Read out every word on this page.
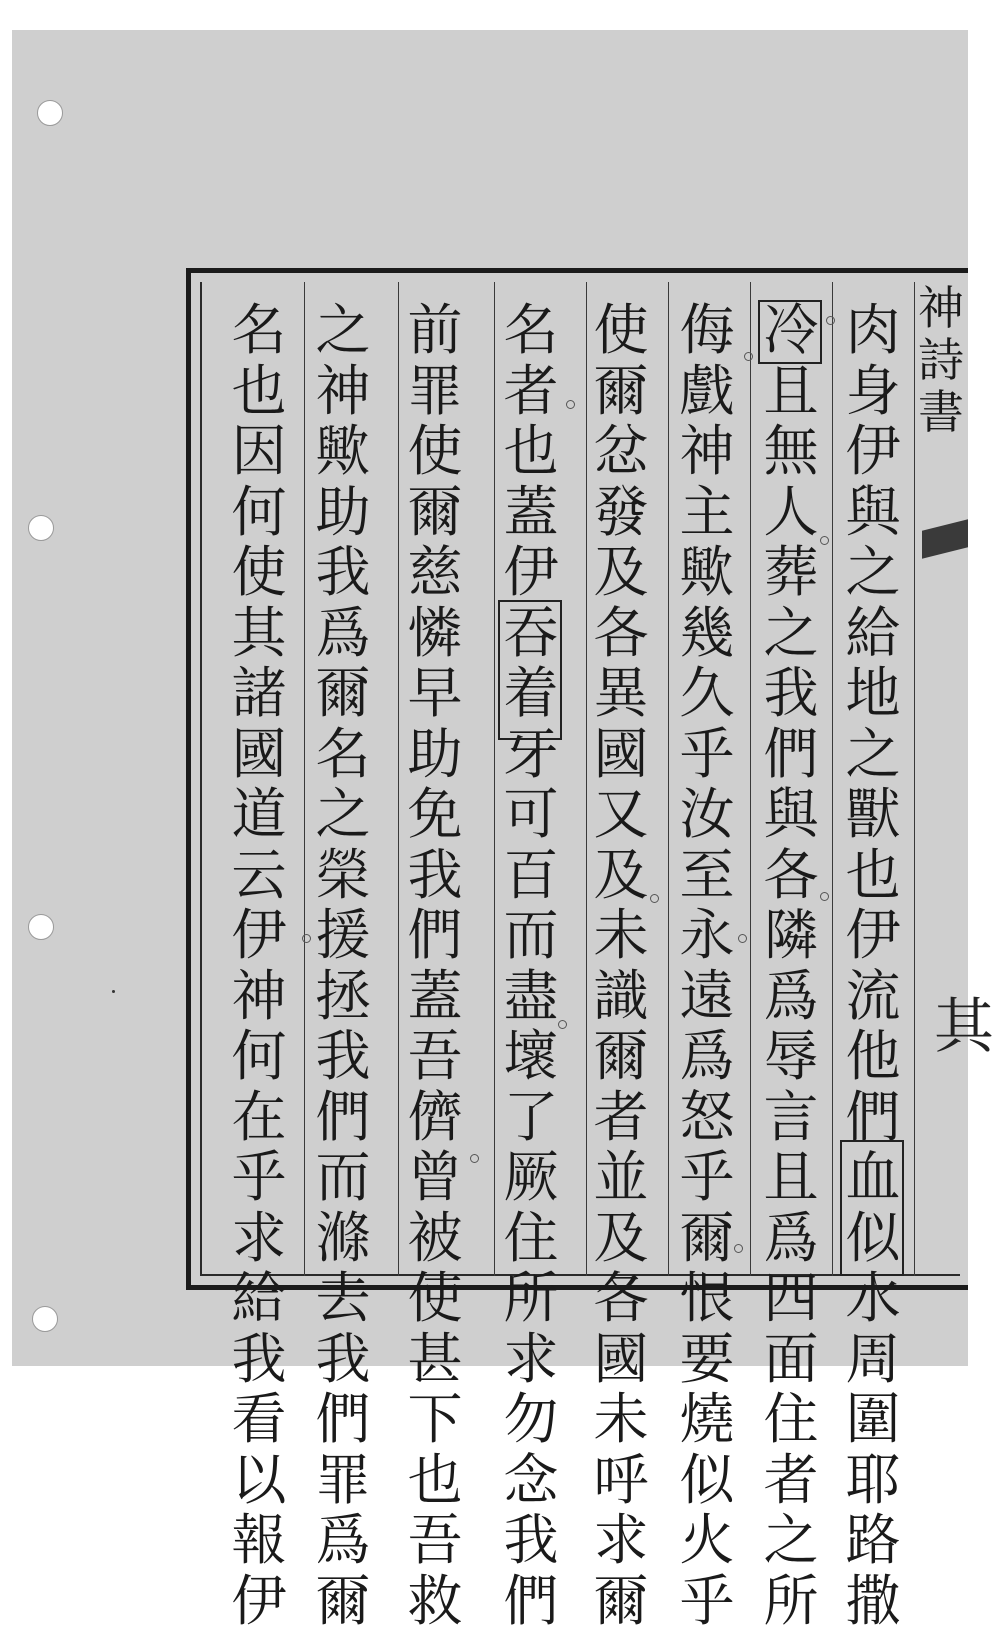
神詩書
其
肉身伊與之給地之獸也伊流他們血似水周圍耶路撒
冷且無人葬之我們與各隣爲辱言且爲四面住者之所
侮戲神主歟幾久乎汝至永遠爲怒乎爾恨要燒似火乎
使爾忿發及各異國又及未識爾者並及各國未呼求爾
名者也蓋伊吞着牙可百而盡壞了厥住所求勿念我們
前罪使爾慈憐早助免我們蓋吾儕曾被使甚下也吾救
之神歟助我爲爾名之榮援拯我們而滌去我們罪爲爾
名也因何使其諸國道云伊神何在乎求給我看以報伊
